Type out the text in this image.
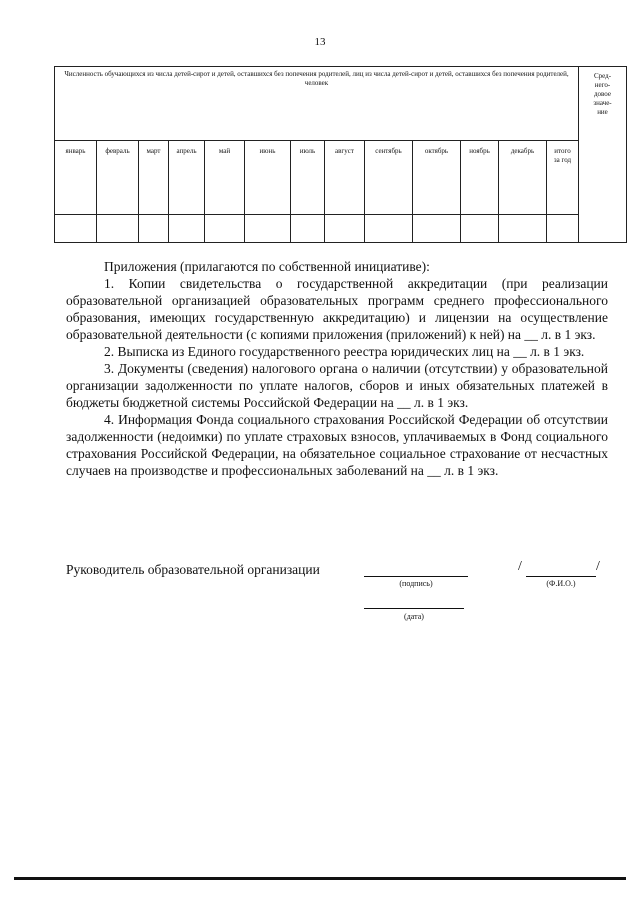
13
Численность обучающихся из числа детей-сирот и детей, оставшихся без попечения родителей, лиц из числа детей-сирот и детей, оставшихся без попечения родителей, человек													Сред-
него-
довое
значе-
ние
январь	февраль	март	апрель	май	июнь	июль	август	сентябрь	октябрь	ноябрь	декабрь	итого
за год	

Приложения (прилагаются по собственной инициативе):

1. Копии свидетельства о государственной аккредитации (при реализации образовательной организацией образовательных программ среднего профессионального образования, имеющих государственную аккредитацию) и лицензии на осуществление образовательной деятельности (с копиями приложения (приложений) к ней) на __ л. в 1 экз.

2. Выписка из Единого государственного реестра юридических лиц на __ л. в 1 экз.

3. Документы (сведения) налогового органа о наличии (отсутствии) у образовательной организации задолженности по уплате налогов, сборов и иных обязательных платежей в бюджеты бюджетной системы Российской Федерации на __ л. в 1 экз.

4. Информация Фонда социального страхования Российской Федерации об отсутствии задолженности (недоимки) по уплате страховых взносов, уплачиваемых в Фонд социального страхования Российской Федерации, на обязательное социальное страхование от несчастных случаев на производстве и профессиональных заболеваний на __ л. в 1 экз.

Руководитель образовательной организации
(подпись)
/	/
(Ф.И.О.)
(дата)
